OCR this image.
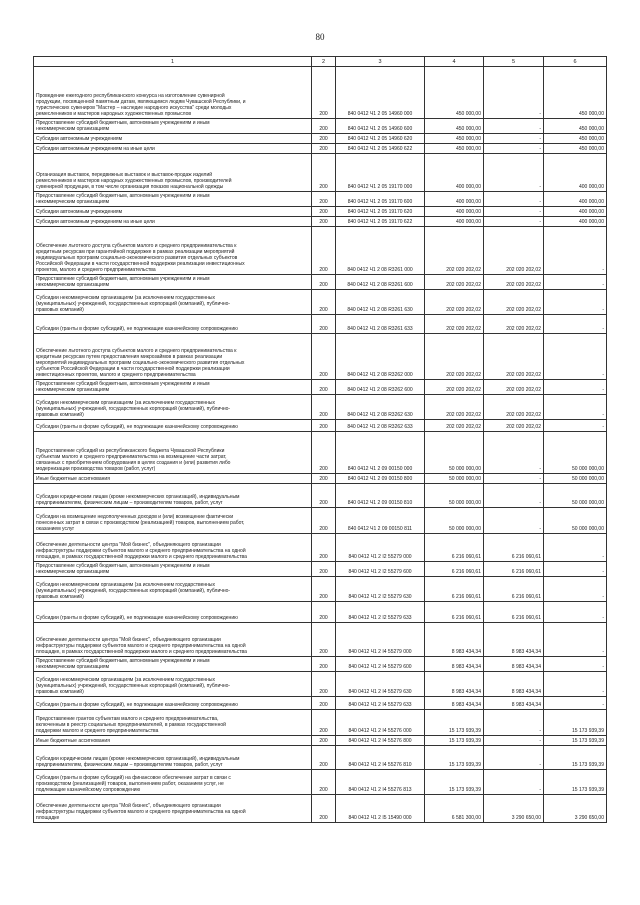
80
1	2	3	4	5	6
Проведение ежегодного республиканского конкурса на изготовление сувенирной
продукции, посвященной памятным датам, являющимся людям Чувашской Республики, и
туристических сувениров "Мастер – наследие народного искусства" среди молодых
ремесленников и мастеров народных художественных промыслов	200	840 0412 Ч1 2 05 14960 000	450 000,00	-	450 000,00
Предоставление субсидий бюджетным, автономным учреждениям и иным
некоммерческим организациям	200	840 0412 Ч1 2 05 14960 600	450 000,00	-	450 000,00
Субсидии автономным учреждениям	200	840 0412 Ч1 2 05 14960 620	450 000,00	-	450 000,00
Субсидии автономным учреждениям на иные цели	200	840 0412 Ч1 2 05 14960 622	450 000,00	-	450 000,00
Организация выставок, передвижных выставок и выставок-продаж изделий
ремесленников и мастеров народных художественных промыслов, производителей
сувенирной продукции, в том числе организация показов национальной одежды	200	840 0412 Ч1 2 05 19170 000	400 000,00	-	400 000,00
Предоставление субсидий бюджетным, автономным учреждениям и иным
некоммерческим организациям	200	840 0412 Ч1 2 05 19170 600	400 000,00	-	400 000,00
Субсидии автономным учреждениям	200	840 0412 Ч1 2 05 19170 620	400 000,00	-	400 000,00
Субсидии автономным учреждениям на иные цели	200	840 0412 Ч1 2 05 19170 622	400 000,00	-	400 000,00
Обеспечение льготного доступа субъектов малого и среднего предпринимательства к
кредитным ресурсам при гарантийной поддержке в рамках реализации мероприятий
индивидуальных программ социально-экономического развития отдельных субъектов
Российской Федерации в части государственной поддержки реализации инвестиционных
проектов, малого и среднего предпринимательства	200	840 0412 Ч1 2 08 R3261 000	202 020 202,02	202 020 202,02	-
Предоставление субсидий бюджетным, автономным учреждениям и иным
некоммерческим организациям	200	840 0412 Ч1 2 08 R3261 600	202 020 202,02	202 020 202,02	-
Субсидии некоммерческим организациям (за исключением государственных
(муниципальных) учреждений, государственных корпораций (компаний), публично-
правовых компаний)	200	840 0412 Ч1 2 08 R3261 630	202 020 202,02	202 020 202,02	-
Субсидии (гранты в форме субсидий), не подлежащие казначейскому сопровождению	200	840 0412 Ч1 2 08 R3261 633	202 020 202,02	202 020 202,02	-
Обеспечение льготного доступа субъектов малого и среднего предпринимательства к
кредитным ресурсам путем предоставления микрозаймов в рамках реализации
мероприятий индивидуальных программ социально-экономического развития отдельных
субъектов Российской Федерации в части государственной поддержки реализации
инвестиционных проектов, малого и среднего предпринимательства	200	840 0412 Ч1 2 08 R3262 000	202 020 202,02	202 020 202,02	-
Предоставление субсидий бюджетным, автономным учреждениям и иным
некоммерческим организациям	200	840 0412 Ч1 2 08 R3262 600	202 020 202,02	202 020 202,02	-
Субсидии некоммерческим организациям (за исключением государственных
(муниципальных) учреждений, государственных корпораций (компаний), публично-
правовых компаний)	200	840 0412 Ч1 2 08 R3262 630	202 020 202,02	202 020 202,02	-
Субсидии (гранты в форме субсидий), не подлежащие казначейскому сопровождению	200	840 0412 Ч1 2 08 R3262 633	202 020 202,02	202 020 202,02	-
Предоставление субсидий из республиканского бюджета Чувашской Республики
субъектам малого и среднего предпринимательства на возмещение части затрат,
связанных с приобретением оборудования в целях создания и (или) развития либо
модернизации производства товаров (работ, услуг)	200	840 0412 Ч1 2 09 00150 000	50 000 000,00	-	50 000 000,00
Иные бюджетные ассигнования	200	840 0412 Ч1 2 09 00150 800	50 000 000,00	-	50 000 000,00
Субсидии юридическим лицам (кроме некоммерческих организаций), индивидуальным
предпринимателям, физическим лицам – производителям товаров, работ, услуг	200	840 0412 Ч1 2 09 00150 810	50 000 000,00	-	50 000 000,00
Субсидии на возмещение недополученных доходов и (или) возмещение фактически
понесенных затрат в связи с производством (реализацией) товаров, выполнением работ,
оказанием услуг	200	840 0412 Ч1 2 09 00150 811	50 000 000,00	-	50 000 000,00
Обеспечение деятельности центра "Мой бизнес", объединяющего организации
инфраструктуры поддержки субъектов малого и среднего предпринимательства на одной
площадке, в рамках государственной поддержки малого и среднего предпринимательства	200	840 0412 Ч1 2 I2 55279 000	6 216 060,61	6 216 060,61	-
Предоставление субсидий бюджетным, автономным учреждениям и иным
некоммерческим организациям	200	840 0412 Ч1 2 I2 55279 600	6 216 060,61	6 216 060,61	-
Субсидии некоммерческим организациям (за исключением государственных
(муниципальных) учреждений, государственных корпораций (компаний), публично-
правовых компаний)	200	840 0412 Ч1 2 I2 55279 630	6 216 060,61	6 216 060,61	-
Субсидии (гранты в форме субсидий), не подлежащие казначейскому сопровождению	200	840 0412 Ч1 2 I2 55279 633	6 216 060,61	6 216 060,61	-
Обеспечение деятельности центра "Мой бизнес", объединяющего организации
инфраструктуры поддержки субъектов малого и среднего предпринимательства на одной
площадке, в рамках государственной поддержки малого и среднего предпринимательства	200	840 0412 Ч1 2 I4 55279 000	8 983 434,34	8 983 434,34	-
Предоставление субсидий бюджетным, автономным учреждениям и иным
некоммерческим организациям	200	840 0412 Ч1 2 I4 55279 600	8 983 434,34	8 983 434,34	-
Субсидии некоммерческим организациям (за исключением государственных
(муниципальных) учреждений, государственных корпораций (компаний), публично-
правовых компаний)	200	840 0412 Ч1 2 I4 55279 630	8 983 434,34	8 983 434,34	-
Субсидии (гранты в форме субсидий), не подлежащие казначейскому сопровождению	200	840 0412 Ч1 2 I4 55279 633	8 983 434,34	8 983 434,34	-
Предоставление грантов субъектам малого и среднего предпринимательства,
включенным в реестр социальных предпринимателей, в рамках государственной
поддержки малого и среднего предпринимательства	200	840 0412 Ч1 2 I4 55276 000	15 173 939,39	-	15 173 939,39
Иные бюджетные ассигнования	200	840 0412 Ч1 2 I4 55276 800	15 173 939,39	-	15 173 939,39
Субсидии юридическим лицам (кроме некоммерческих организаций), индивидуальным
предпринимателям, физическим лицам – производителям товаров, работ, услуг	200	840 0412 Ч1 2 I4 55276 810	15 173 939,39	-	15 173 939,39
Субсидии (гранты в форме субсидий) на финансовое обеспечение затрат в связи с
производством (реализацией) товаров, выполнением работ, оказанием услуг, не
подлежащие казначейскому сопровождению	200	840 0412 Ч1 2 I4 55276 813	15 173 939,39	-	15 173 939,39
Обеспечение деятельности центра "Мой бизнес", объединяющего организации
инфраструктуры поддержки субъектов малого и среднего предпринимательства на одной
площадке	200	840 0412 Ч1 2 I5 15490 000	6 581 300,00	3 290 650,00	3 290 650,00
